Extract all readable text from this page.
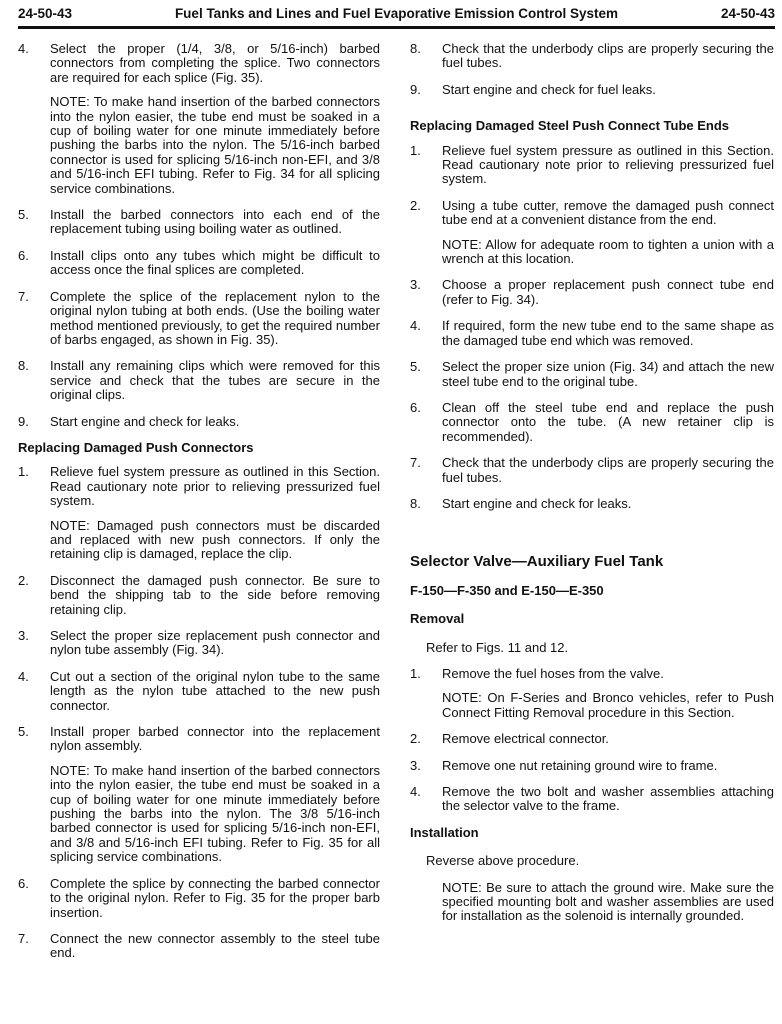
24-50-43	Fuel Tanks and Lines and Fuel Evaporative Emission Control System	24-50-43
4.	Select the proper (1/4, 3/8, or 5/16-inch) barbed connectors from completing the splice. Two connectors are required for each splice (Fig. 35).
NOTE: To make hand insertion of the barbed connectors into the nylon easier, the tube end must be soaked in a cup of boiling water for one minute immediately before pushing the barbs into the nylon. The 5/16-inch barbed connector is used for splicing 5/16-inch non-EFI, and 3/8 and 5/16-inch EFI tubing. Refer to Fig. 34 for all splicing service combinations.
5.	Install the barbed connectors into each end of the replacement tubing using boiling water as outlined.
6.	Install clips onto any tubes which might be difficult to access once the final splices are completed.
7.	Complete the splice of the replacement nylon to the original nylon tubing at both ends. (Use the boiling water method mentioned previously, to get the required number of barbs engaged, as shown in Fig. 35).
8.	Install any remaining clips which were removed for this service and check that the tubes are secure in the original clips.
9.	Start engine and check for leaks.
Replacing Damaged Push Connectors
1.	Relieve fuel system pressure as outlined in this Section. Read cautionary note prior to relieving pressurized fuel system.
NOTE: Damaged push connectors must be discarded and replaced with new push connectors. If only the retaining clip is damaged, replace the clip.
2.	Disconnect the damaged push connector. Be sure to bend the shipping tab to the side before removing retaining clip.
3.	Select the proper size replacement push connector and nylon tube assembly (Fig. 34).
4.	Cut out a section of the original nylon tube to the same length as the nylon tube attached to the new push connector.
5.	Install proper barbed connector into the replacement nylon assembly.
NOTE: To make hand insertion of the barbed connectors into the nylon easier, the tube end must be soaked in a cup of boiling water for one minute immediately before pushing the barbs into the nylon. The 3/8 5/16-inch barbed connector is used for splicing 5/16-inch non-EFI, and 3/8 and 5/16-inch EFI tubing. Refer to Fig. 35 for all splicing service combinations.
6.	Complete the splice by connecting the barbed connector to the original nylon. Refer to Fig. 35 for the proper barb insertion.
7.	Connect the new connector assembly to the steel tube end.
8.	Check that the underbody clips are properly securing the fuel tubes.
9.	Start engine and check for fuel leaks.
Replacing Damaged Steel Push Connect Tube Ends
1.	Relieve fuel system pressure as outlined in this Section. Read cautionary note prior to relieving pressurized fuel system.
2.	Using a tube cutter, remove the damaged push connect tube end at a convenient distance from the end.
NOTE: Allow for adequate room to tighten a union with a wrench at this location.
3.	Choose a proper replacement push connect tube end (refer to Fig. 34).
4.	If required, form the new tube end to the same shape as the damaged tube end which was removed.
5.	Select the proper size union (Fig. 34) and attach the new steel tube end to the original tube.
6.	Clean off the steel tube end and replace the push connector onto the tube. (A new retainer clip is recommended).
7.	Check that the underbody clips are properly securing the fuel tubes.
8.	Start engine and check for leaks.
Selector Valve—Auxiliary Fuel Tank
F-150—F-350 and E-150—E-350
Removal
Refer to Figs. 11 and 12.
1.	Remove the fuel hoses from the valve.
NOTE: On F-Series and Bronco vehicles, refer to Push Connect Fitting Removal procedure in this Section.
2.	Remove electrical connector.
3.	Remove one nut retaining ground wire to frame.
4.	Remove the two bolt and washer assemblies attaching the selector valve to the frame.
Installation
Reverse above procedure.
NOTE: Be sure to attach the ground wire. Make sure the specified mounting bolt and washer assemblies are used for installation as the solenoid is internally grounded.
